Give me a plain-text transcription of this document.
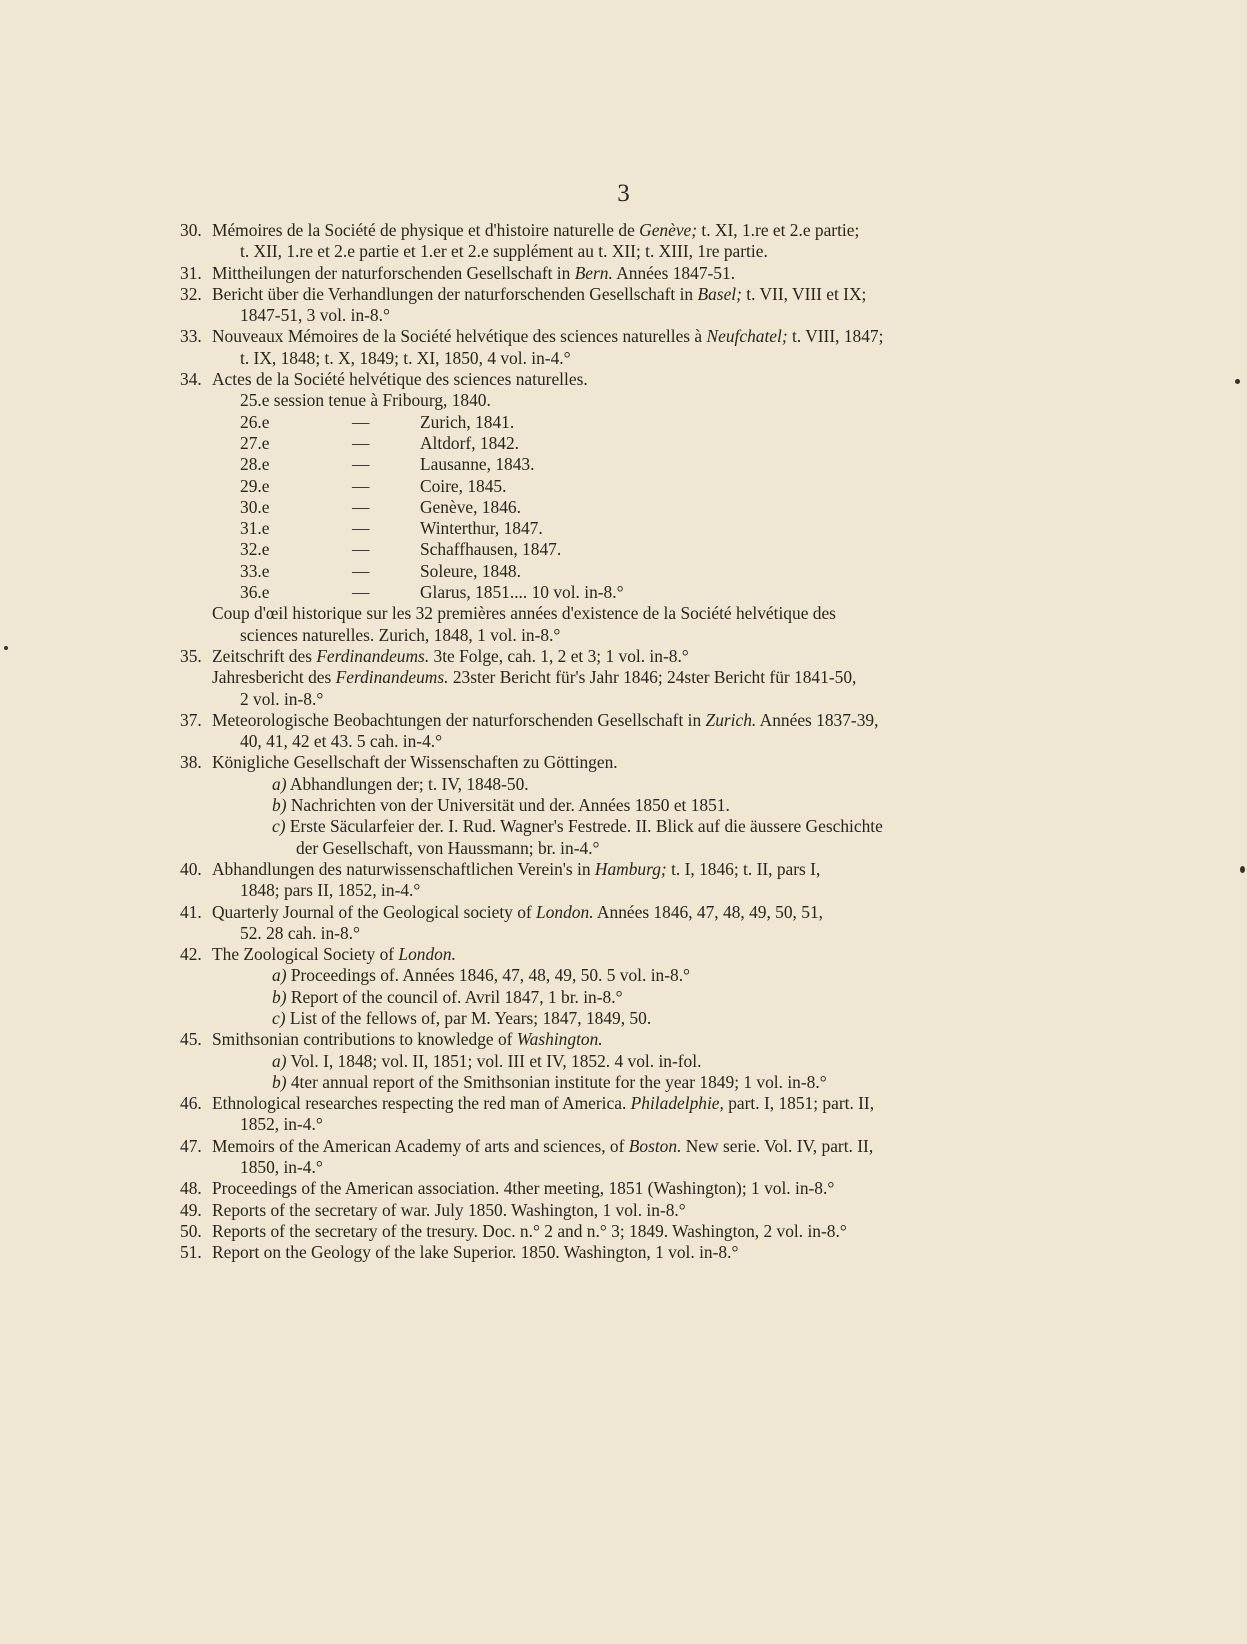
3
30. Mémoires de la Société de physique et d'histoire naturelle de Genève; t. XI, 1.re et 2.e partie;
t. XII, 1.re et 2.e partie et 1.er et 2.e supplément au t. XII; t. XIII, 1re partie.
31. Mittheilungen der naturforschenden Gesellschaft in Bern. Années 1847-51.
32. Bericht über die Verhandlungen der naturforschenden Gesellschaft in Basel; t. VII, VIII et IX;
1847-51, 3 vol. in-8.°
33. Nouveaux Mémoires de la Société helvétique des sciences naturelles à Neufchatel; t. VIII, 1847;
t. IX, 1848; t. X, 1849; t. XI, 1850, 4 vol. in-4.°
34. Actes de la Société helvétique des sciences naturelles.
25.e session tenue à Fribourg, 1840.
26.e	—	Zurich, 1841.
27.e	—	Altdorf, 1842.
28.e	—	Lausanne, 1843.
29.e	—	Coire, 1845.
30.e	—	Genève, 1846.
31.e	—	Winterthur, 1847.
32.e	—	Schaffhausen, 1847.
33.e	—	Soleure, 1848.
36.e	—	Glarus, 1851.... 10 vol. in-8.°
Coup d'œil historique sur les 32 premières années d'existence de la Société helvétique des
sciences naturelles. Zurich, 1848, 1 vol. in-8.°
35. Zeitschrift des Ferdinandeums. 3te Folge, cah. 1, 2 et 3; 1 vol. in-8.°
Jahresbericht des Ferdinandeums. 23ster Bericht für's Jahr 1846; 24ster Bericht für 1841-50,
2 vol. in-8.°
37. Meteorologische Beobachtungen der naturforschenden Gesellschaft in Zurich. Années 1837-39,
40, 41, 42 et 43. 5 cah. in-4.°
38. Königliche Gesellschaft der Wissenschaften zu Göttingen.
a) Abhandlungen der; t. IV, 1848-50.
b) Nachrichten von der Universität und der. Années 1850 et 1851.
c) Erste Säcularfeier der. I. Rud. Wagner's Festrede. II. Blick auf die äussere Geschichte
der Gesellschaft, von Haussmann; br. in-4.°
40. Abhandlungen des naturwissenschaftlichen Verein's in Hamburg; t. I, 1846; t. II, pars I,
1848; pars II, 1852, in-4.°
41. Quarterly Journal of the Geological society of London. Années 1846, 47, 48, 49, 50, 51,
52. 28 cah. in-8.°
42. The Zoological Society of London.
a) Proceedings of. Années 1846, 47, 48, 49, 50. 5 vol. in-8.°
b) Report of the council of. Avril 1847, 1 br. in-8.°
c) List of the fellows of, par M. Years; 1847, 1849, 50.
45. Smithsonian contributions to knowledge of Washington.
a) Vol. I, 1848; vol. II, 1851; vol. III et IV, 1852. 4 vol. in-fol.
b) 4ter annual report of the Smithsonian institute for the year 1849; 1 vol. in-8.°
46. Ethnological researches respecting the red man of America. Philadelphie, part. I, 1851; part. II,
1852, in-4.°
47. Memoirs of the American Academy of arts and sciences, of Boston. New serie. Vol. IV, part. II,
1850, in-4.°
48. Proceedings of the American association. 4ther meeting, 1851 (Washington); 1 vol. in-8.°
49. Reports of the secretary of war. July 1850. Washington, 1 vol. in-8.°
50. Reports of the secretary of the tresury. Doc. n.° 2 and n.° 3; 1849. Washington, 2 vol. in-8.°
51. Report on the Geology of the lake Superior. 1850. Washington, 1 vol. in-8.°
